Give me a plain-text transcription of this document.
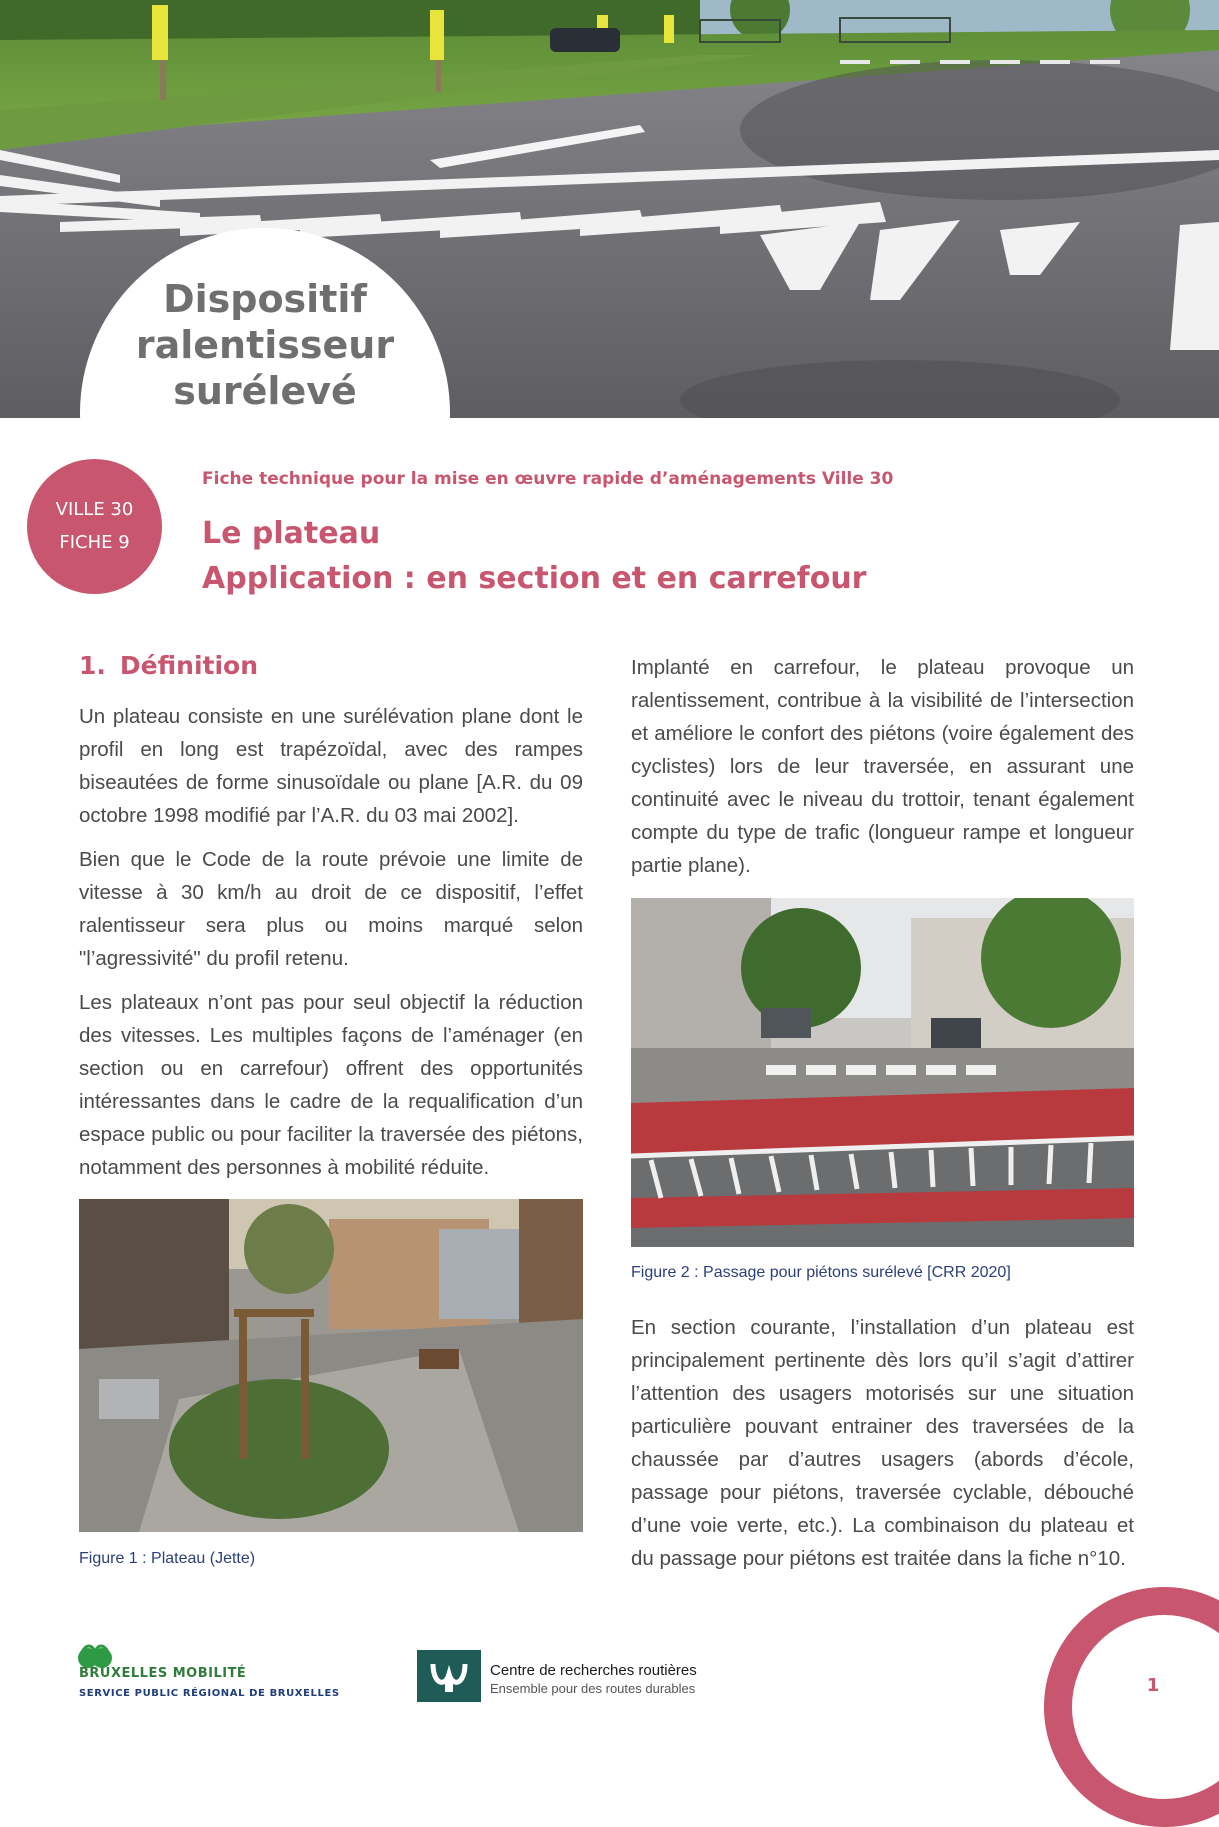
Dispositif
ralentisseur
surélevé
VILLE 30
FICHE 9
Fiche technique pour la mise en œuvre rapide d’aménagements Ville 30
Le plateau
Application : en section et en carrefour
1. Définition
Un plateau consiste en une surélévation plane dont le profil en long est trapézoïdal, avec des rampes biseautées de forme sinusoïdale ou plane [A.R. du 09 octobre 1998 modifié par l’A.R. du 03 mai 2002].
Bien que le Code de la route prévoie une limite de vitesse à 30 km/h au droit de ce dispositif, l’effet ralentisseur sera plus ou moins marqué selon "l’agressivité" du profil retenu.
Les plateaux n’ont pas pour seul objectif la réduction des vitesses. Les multiples façons de l’aménager (en section ou en carrefour) offrent des opportunités intéressantes dans le cadre de la requalification d’un espace public ou pour faciliter la traversée des piétons, notamment des personnes à mobilité réduite.
Figure 1 : Plateau (Jette)
Implanté en carrefour, le plateau provoque un ralentissement, contribue à la visibilité de l’intersection et améliore le confort des piétons (voire également des cyclistes) lors de leur traversée, en assurant une continuité avec le niveau du trottoir, tenant également compte du type de trafic (longueur rampe et longueur partie plane).
Figure 2 : Passage pour piétons surélevé [CRR 2020]
En section courante, l’installation d’un plateau est principalement pertinente dès lors qu’il s’agit d’attirer l’attention des usagers motorisés sur une situation particulière pouvant entrainer des traversées de la chaussée par d’autres usagers (abords d’école, passage pour piétons, traversée cyclable, débouché d’une voie verte, etc.). La combinaison du plateau et du passage pour piétons est traitée dans la fiche n°10.
BRUXELLES MOBILITÉ
SERVICE PUBLIC RÉGIONAL DE BRUXELLES
Centre de recherches routières
Ensemble pour des routes durables	1
